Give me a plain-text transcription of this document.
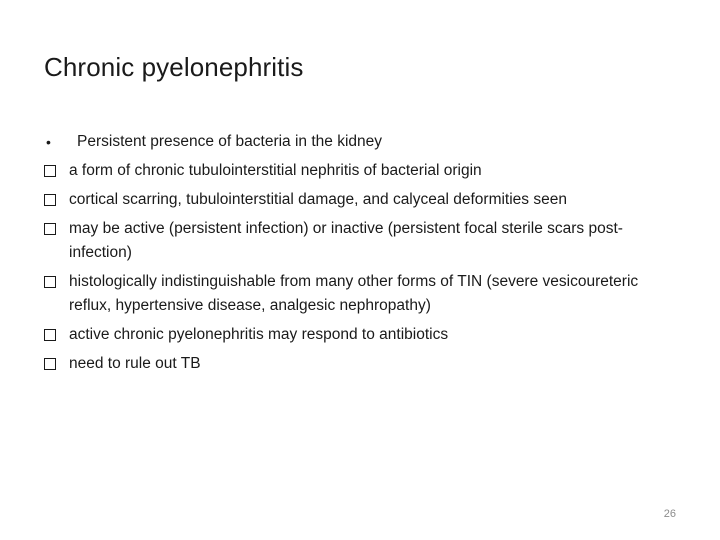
Chronic pyelonephritis
•	Persistent presence of bacteria in the kidney
a form of chronic tubulointerstitial nephritis of bacterial origin
cortical scarring, tubulointerstitial damage, and calyceal deformities seen
may be active (persistent infection) or inactive (persistent focal sterile scars post-infection)
histologically indistinguishable from many other forms of TIN (severe vesicoureteric reflux, hypertensive disease, analgesic nephropathy)
active chronic pyelonephritis may respond to antibiotics
need to rule out TB
26
